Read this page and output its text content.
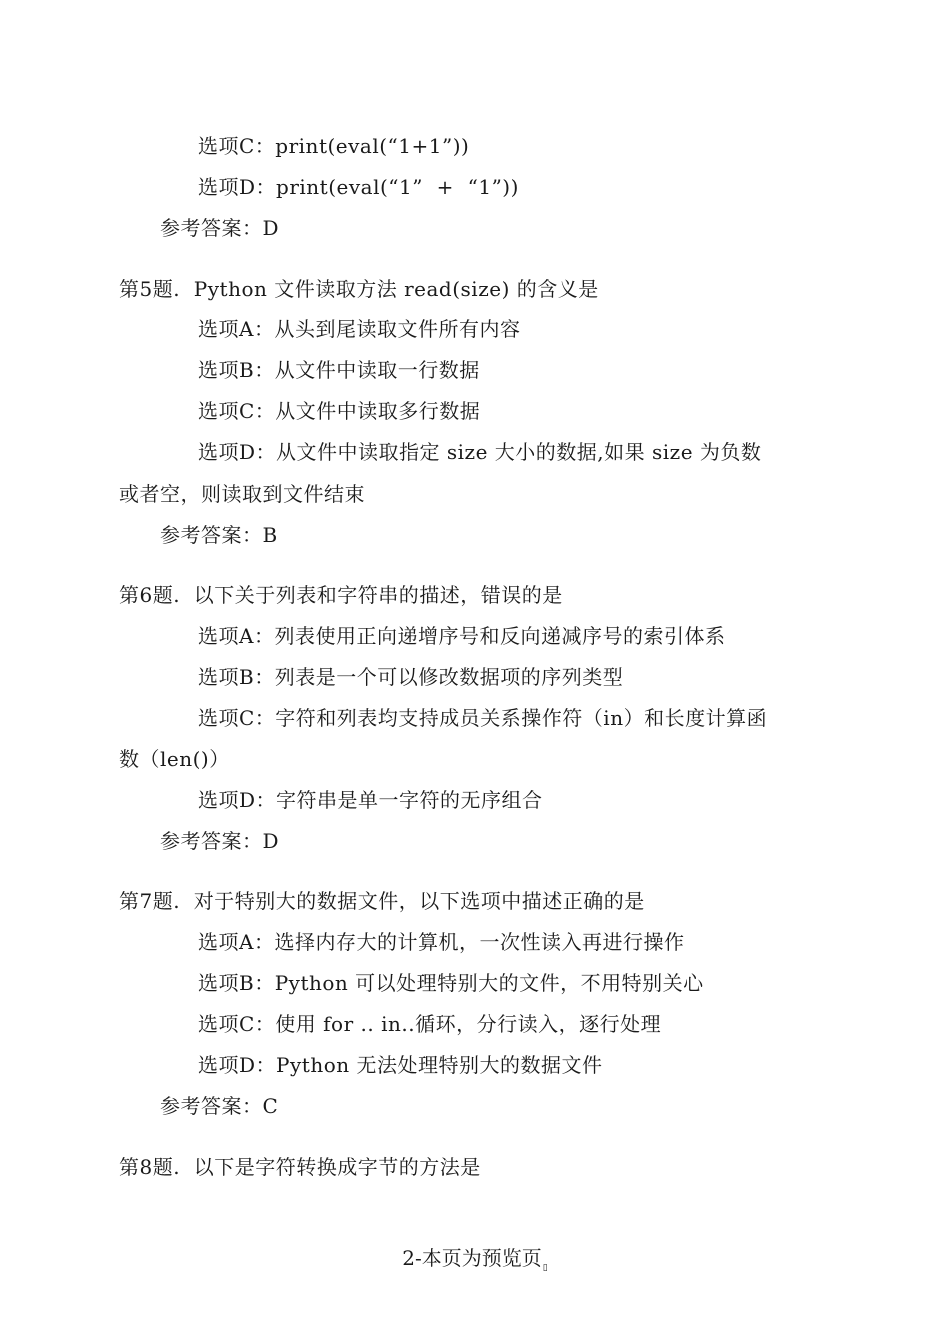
选项C：print(eval(“1+1”))
选项D：print(eval(“1”  +  “1”))
参考答案：D
第5题.  Python 文件读取方法 read(size) 的含义是
选项A：从头到尾读取文件所有内容
选项B：从文件中读取一行数据
选项C：从文件中读取多行数据
选项D：从文件中读取指定 size 大小的数据,如果 size 为负数
或者空，则读取到文件结束
参考答案：B
第6题.  以下关于列表和字符串的描述，错误的是
选项A：列表使用正向递增序号和反向递减序号的索引体系
选项B：列表是一个可以修改数据项的序列类型
选项C：字符和列表均支持成员关系操作符（in）和长度计算函
数（len()）
选项D：字符串是单一字符的无序组合
参考答案：D
第7题.  对于特别大的数据文件，以下选项中描述正确的是
选项A：选择内存大的计算机，一次性读入再进行操作
选项B：Python 可以处理特别大的文件，不用特别关心
选项C：使用 for .. in..循环，分行读入，逐行处理
选项D：Python 无法处理特别大的数据文件
参考答案：C
第8题.  以下是字符转换成字节的方法是
2-本页为预览页$_▯$
